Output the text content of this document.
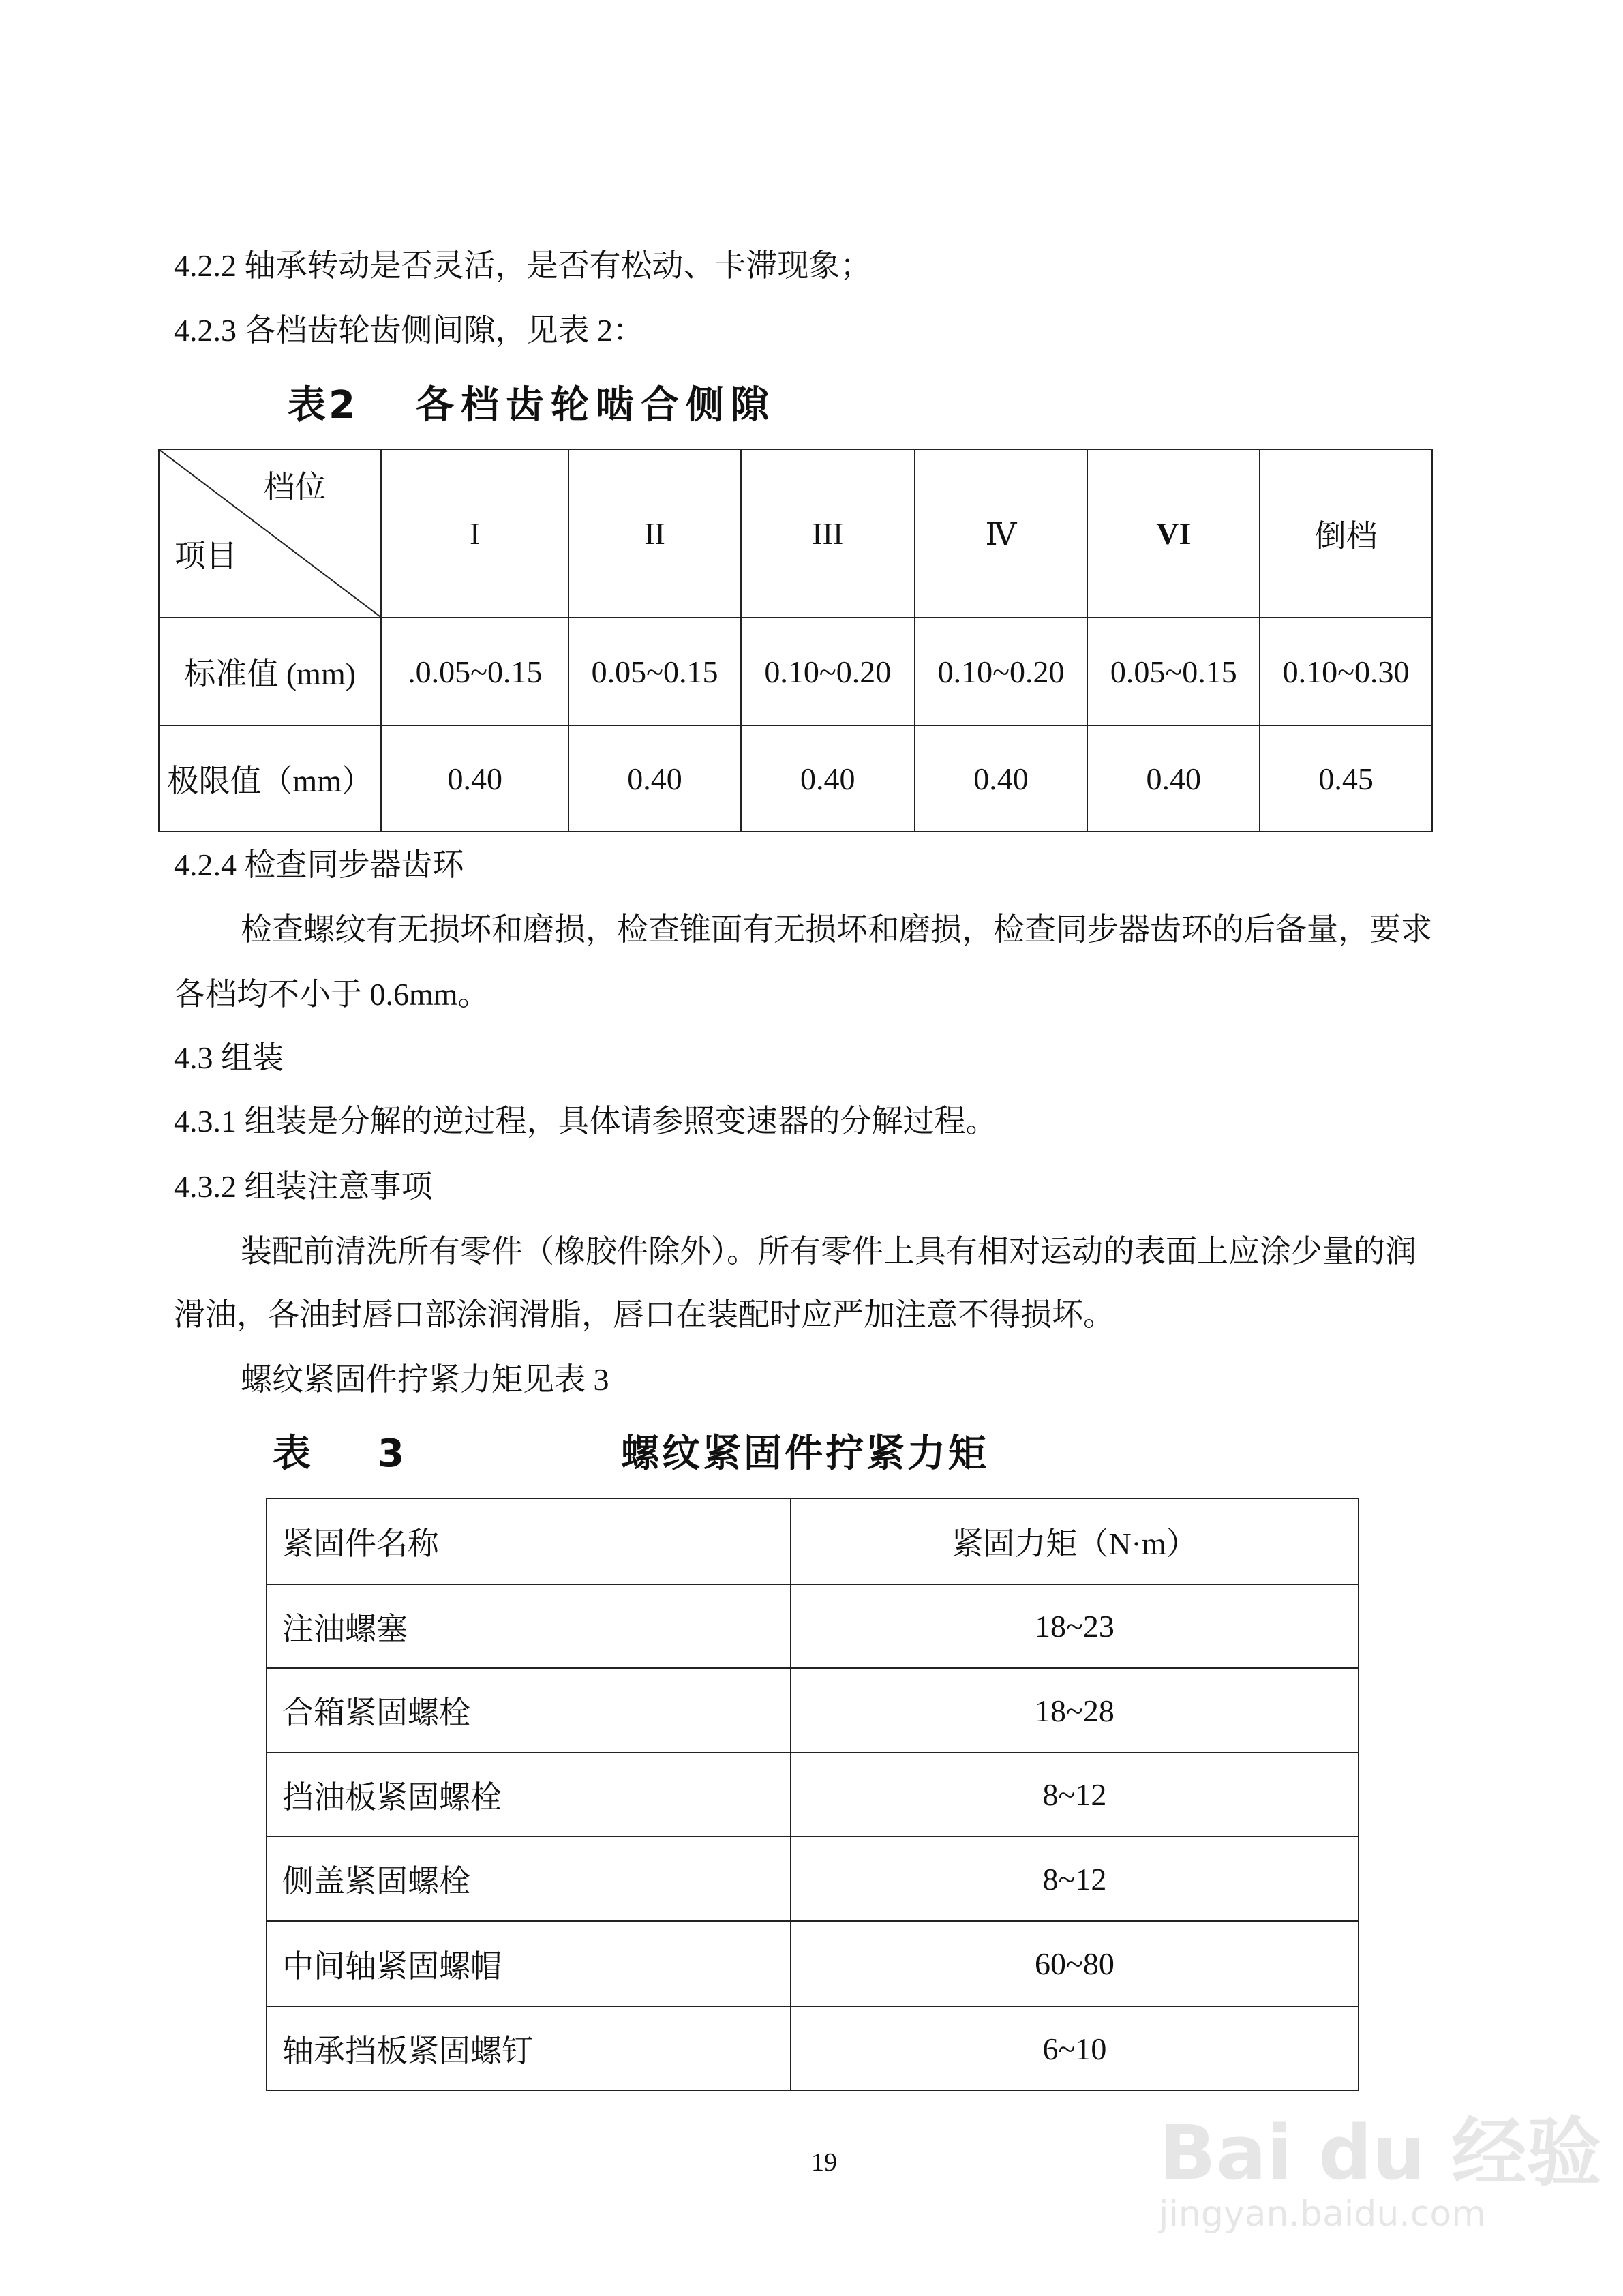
4.2.2 轴承转动是否灵活，是否有松动、卡滞现象；
4.2.3 各档齿轮齿侧间隙，见表 2：
表2 各档齿轮啮合侧隙
档位
项目	I	II	III	Ⅳ	VI	倒档
标准值 (mm)	.0.05~0.15	0.05~0.15	0.10~0.20	0.10~0.20	0.05~0.15	0.10~0.30
极限值（mm）	0.40	0.40	0.40	0.40	0.40	0.45
4.2.4 检查同步器齿环
检查螺纹有无损坏和磨损，检查锥面有无损坏和磨损，检查同步器齿环的后备量，要求
各档均不小于 0.6mm。
4.3 组装
4.3.1 组装是分解的逆过程，具体请参照变速器的分解过程。
4.3.2 组装注意事项
装配前清洗所有零件（橡胶件除外）。所有零件上具有相对运动的表面上应涂少量的润
滑油，各油封唇口部涂润滑脂，唇口在装配时应严加注意不得损坏。
螺纹紧固件拧紧力矩见表 3
表    3	螺纹紧固件拧紧力矩
紧固件名称	紧固力矩（N·m）
注油螺塞	18~23
合箱紧固螺栓	18~28
挡油板紧固螺栓	8~12
侧盖紧固螺栓	8~12
中间轴紧固螺帽	60~80
轴承挡板紧固螺钉	6~10
19	Bai du 经验
jingyan.baidu.com
